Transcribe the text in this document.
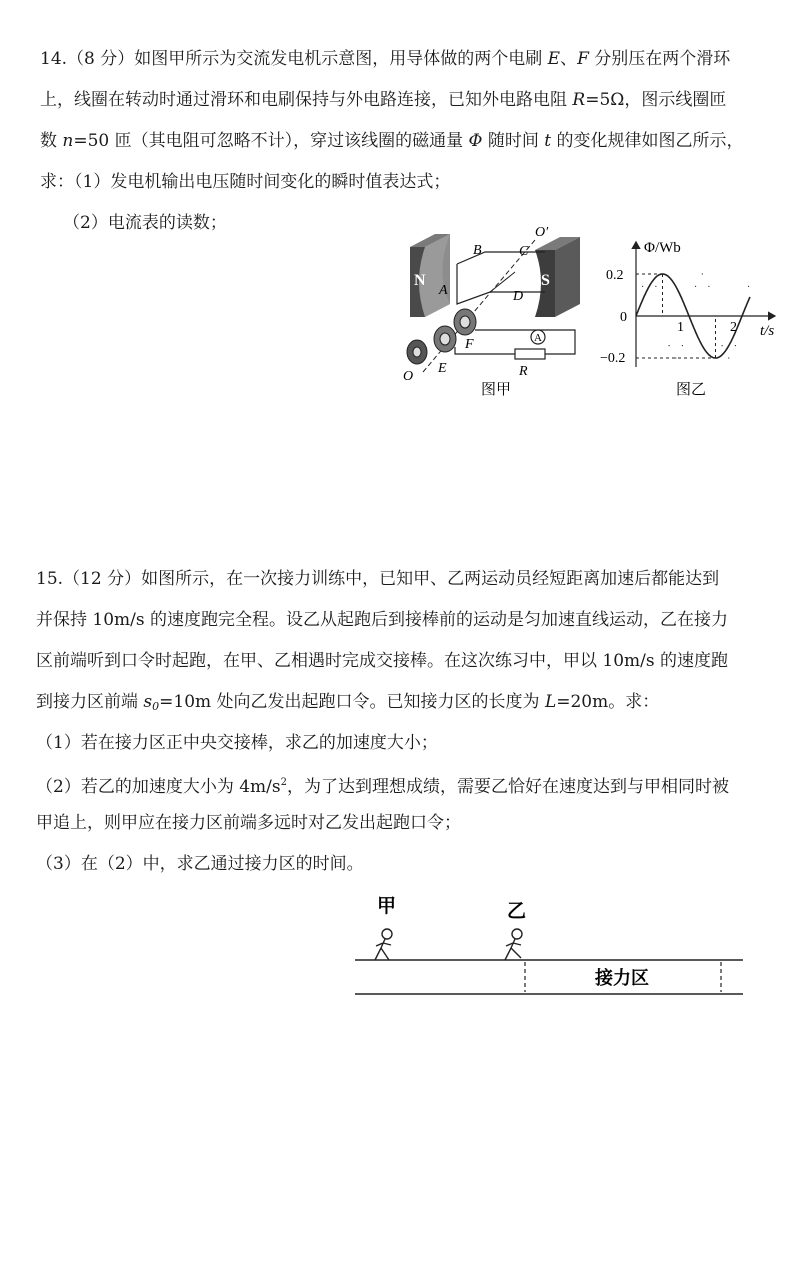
14.（8 分）如图甲所示为交流发电机示意图，用导体做的两个电刷 E、F 分别压在两个滑环
上，线圈在转动时通过滑环和电刷保持与外电路连接，已知外电路电阻 R=5Ω，图示线圈匝
数 n=50 匝（其电阻可忽略不计），穿过该线圈的磁通量 Φ 随时间 t 的变化规律如图乙所示，
求：（1）发电机输出电压随时间变化的瞬时值表达式；
（2）电流表的读数；
N	S
A
B	C
D
O′
O
E
F
R
A
图甲
Φ/Wb
t/s
0.2
0
−0.2
1	2
图乙
15.（12 分）如图所示，在一次接力训练中，已知甲、乙两运动员经短距离加速后都能达到
并保持 10m/s 的速度跑完全程。设乙从起跑后到接棒前的运动是匀加速直线运动，乙在接力
区前端听到口令时起跑，在甲、乙相遇时完成交接棒。在这次练习中，甲以 10m/s 的速度跑
到接力区前端 $s_0=10m$ 处向乙发出起跑口令。已知接力区的长度为 L=20m。求：
（1）若在接力区正中央交接棒，求乙的加速度大小；
（2）若乙的加速度大小为 $4m/s^2$，为了达到理想成绩，需要乙恰好在速度达到与甲相同时被
甲追上，则甲应在接力区前端多远时对乙发出起跑口令；
（3）在（2）中，求乙通过接力区的时间。
甲	乙
接力区
